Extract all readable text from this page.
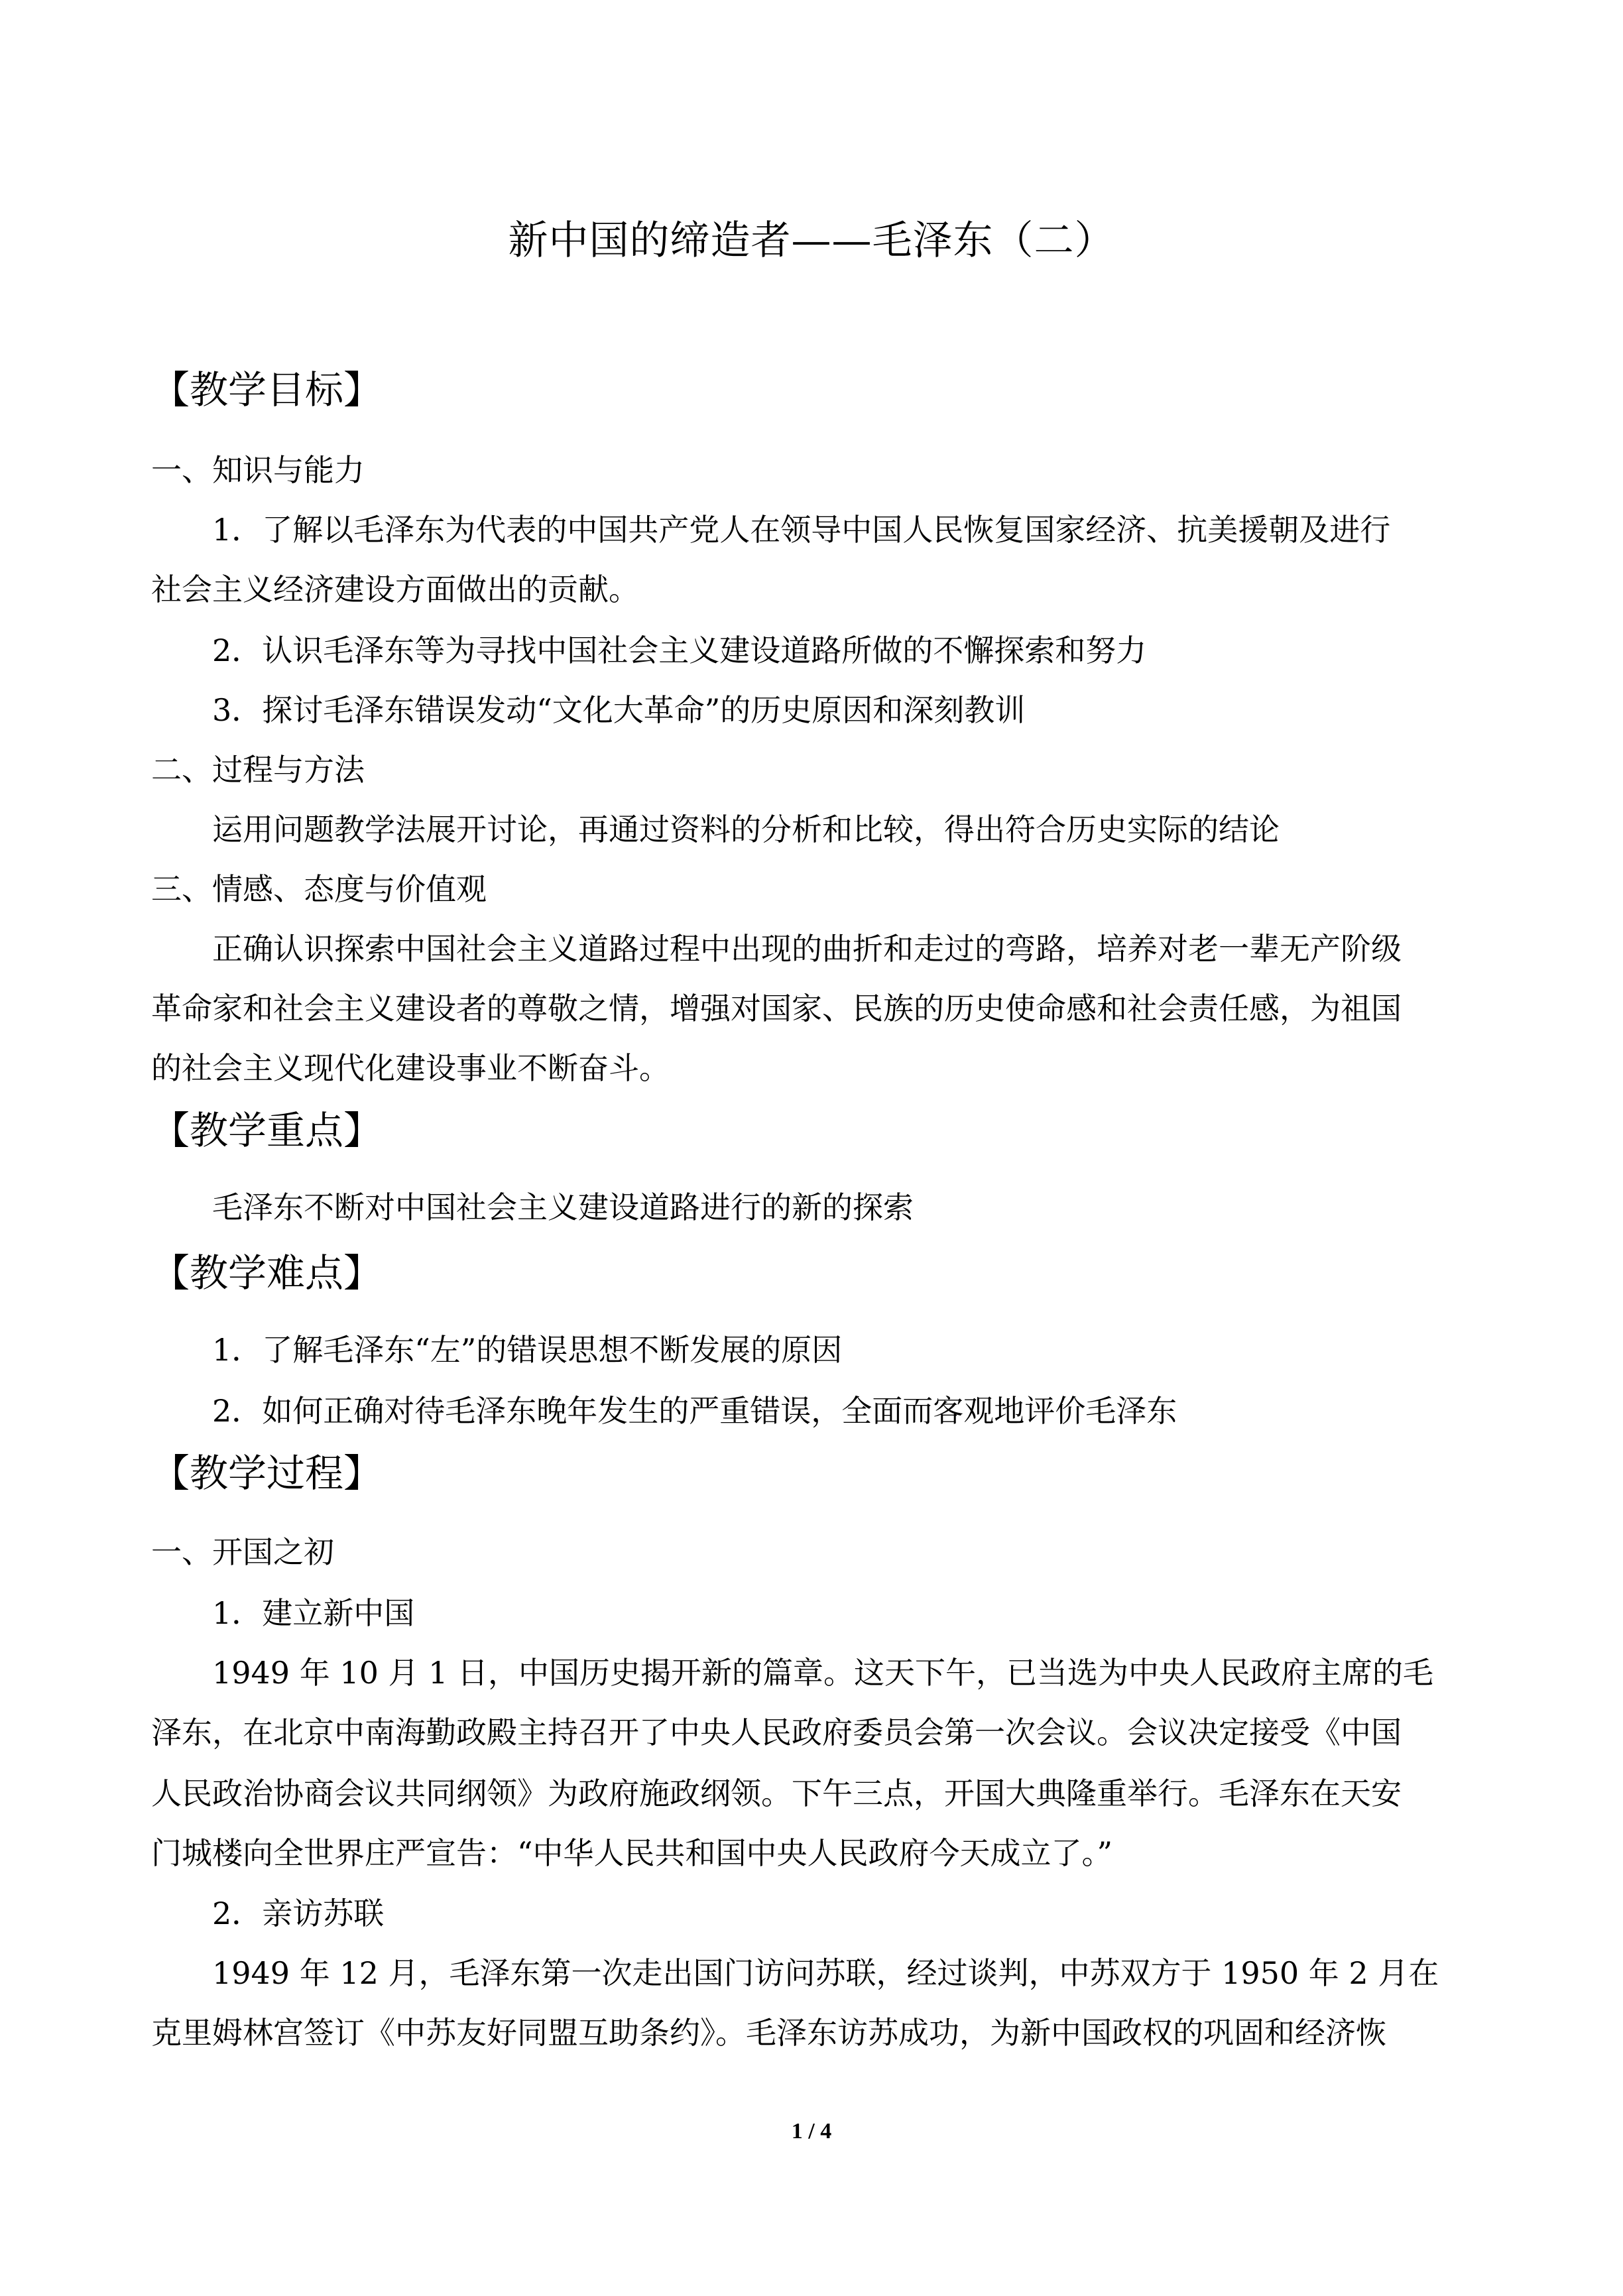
新中国的缔造者——毛泽东（二）
【教学目标】
一、知识与能力
1．了解以毛泽东为代表的中国共产党人在领导中国人民恢复国家经济、抗美援朝及进行
社会主义经济建设方面做出的贡献。
2．认识毛泽东等为寻找中国社会主义建设道路所做的不懈探索和努力
3．探讨毛泽东错误发动“文化大革命”的历史原因和深刻教训
二、过程与方法
运用问题教学法展开讨论，再通过资料的分析和比较，得出符合历史实际的结论
三、情感、态度与价值观
正确认识探索中国社会主义道路过程中出现的曲折和走过的弯路，培养对老一辈无产阶级
革命家和社会主义建设者的尊敬之情，增强对国家、民族的历史使命感和社会责任感，为祖国
的社会主义现代化建设事业不断奋斗。
【教学重点】
毛泽东不断对中国社会主义建设道路进行的新的探索
【教学难点】
1．了解毛泽东“左”的错误思想不断发展的原因
2．如何正确对待毛泽东晚年发生的严重错误，全面而客观地评价毛泽东
【教学过程】
一、开国之初
1．建立新中国
1949 年 10 月 1 日，中国历史揭开新的篇章。这天下午，已当选为中央人民政府主席的毛
泽东，在北京中南海勤政殿主持召开了中央人民政府委员会第一次会议。会议决定接受《中国
人民政治协商会议共同纲领》为政府施政纲领。下午三点，开国大典隆重举行。毛泽东在天安
门城楼向全世界庄严宣告：“中华人民共和国中央人民政府今天成立了。”
2．亲访苏联
1949 年 12 月，毛泽东第一次走出国门访问苏联，经过谈判，中苏双方于 1950 年 2 月在
克里姆林宫签订《中苏友好同盟互助条约》。毛泽东访苏成功，为新中国政权的巩固和经济恢
1 / 4
